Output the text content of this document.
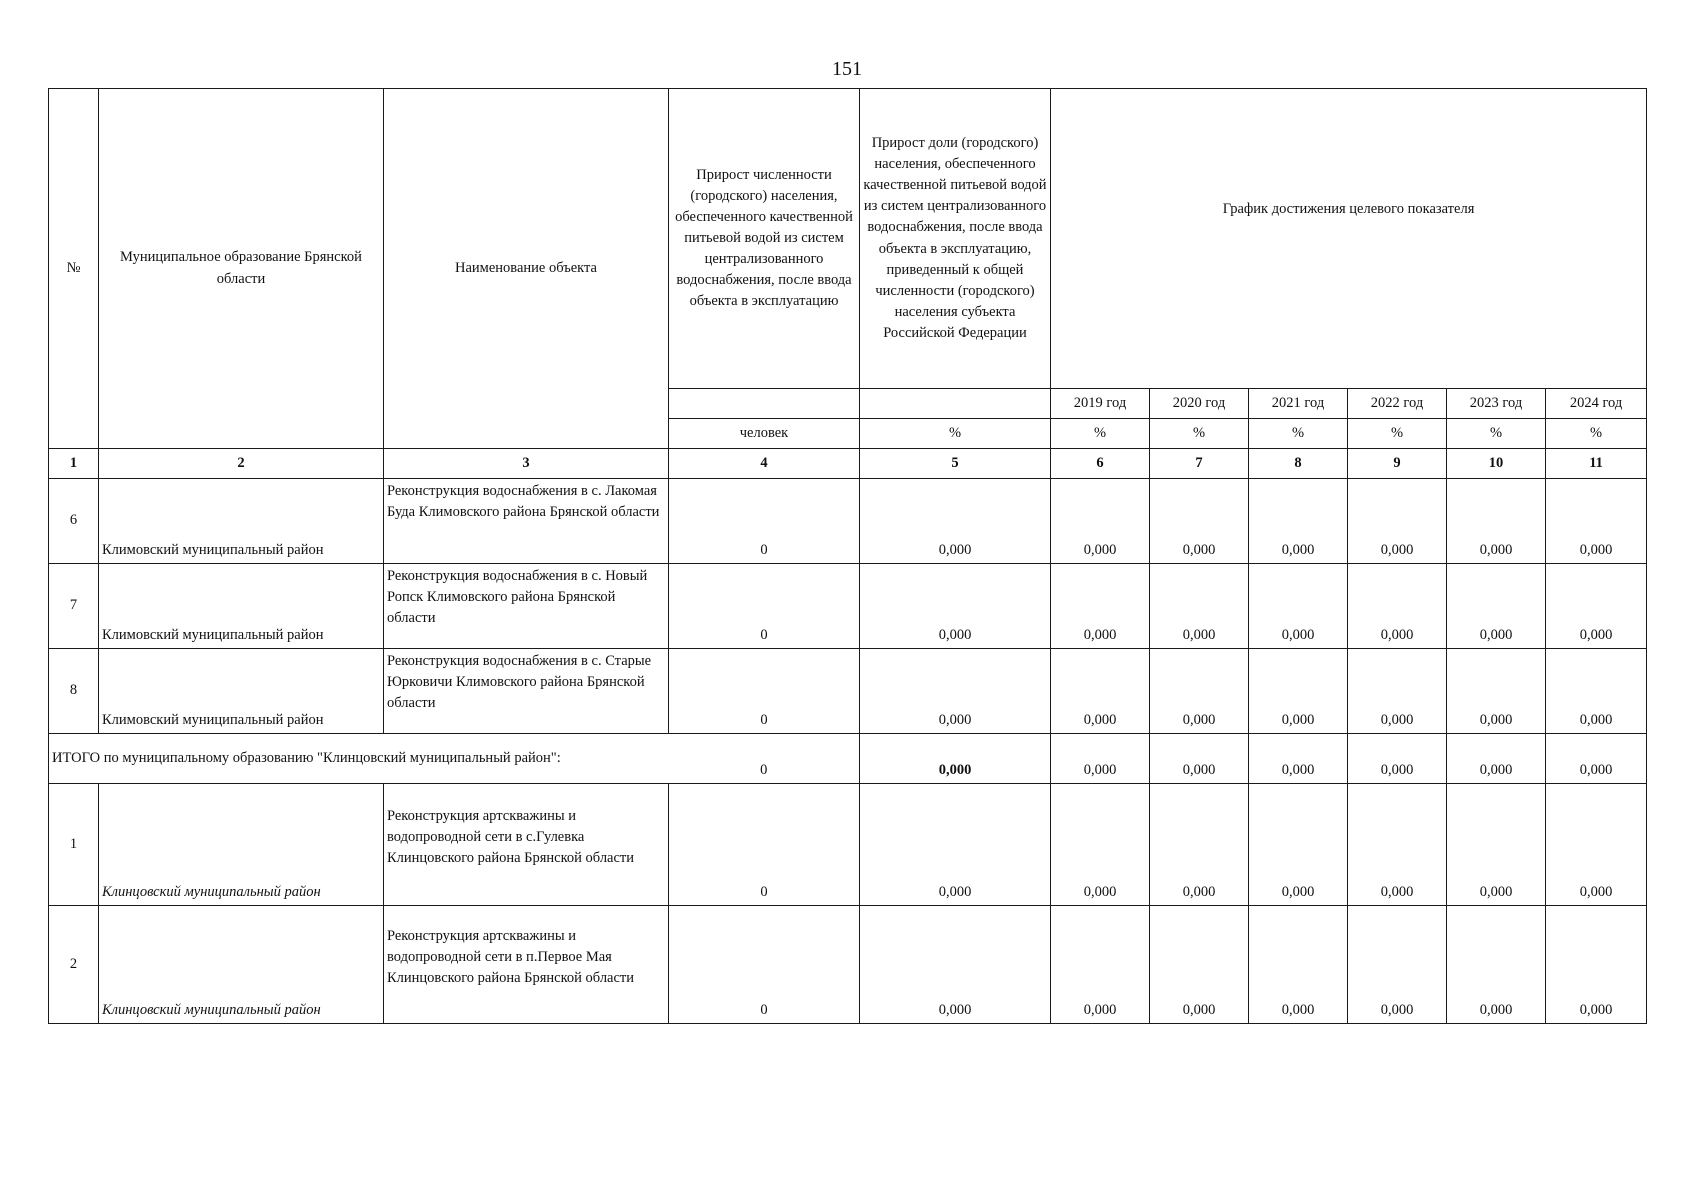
151
№	Муниципальное образование Брянской области	Наименование объекта	Прирост численности (городского) населения, обеспеченного качественной питьевой водой из систем централизованного водоснабжения, после ввода объекта в эксплуатацию	Прирост доли (городского) населения, обеспеченного качественной питьевой водой из систем централизованного водоснабжения, после ввода объекта в эксплуатацию, приведенный к общей численности (городского) населения субъекта Российской Федерации	График достижения целевого показателя					
					2019 год	2020 год	2021 год	2022 год	2023 год	2024 год
			человек	%	%	%	%	%	%	%
1	2	3	4	5	6	7	8	9	10	11
6	Климовский муниципальный район	Реконструкция водоснабжения в с. Лакомая Буда Климовского района Брянской области	0	0,000	0,000	0,000	0,000	0,000	0,000	0,000
7	Климовский муниципальный район	Реконструкция водоснабжения в с. Новый Ропск Климовского района Брянской области	0	0,000	0,000	0,000	0,000	0,000	0,000	0,000
8	Климовский муниципальный район	Реконструкция водоснабжения в с. Старые Юрковичи Климовского района Брянской области	0	0,000	0,000	0,000	0,000	0,000	0,000	0,000
ИТОГО по муниципальному образованию "Клинцовский муниципальный район":			0	0,000	0,000	0,000	0,000	0,000	0,000	0,000
1	Клинцовский муниципальный район	Реконструкция артскважины и водопроводной сети в с.Гулевка Клинцовского района Брянской области	0	0,000	0,000	0,000	0,000	0,000	0,000	0,000
2	Клинцовский муниципальный район	Реконструкция артскважины и водопроводной сети в п.Первое Мая Клинцовского района Брянской области	0	0,000	0,000	0,000	0,000	0,000	0,000	0,000
